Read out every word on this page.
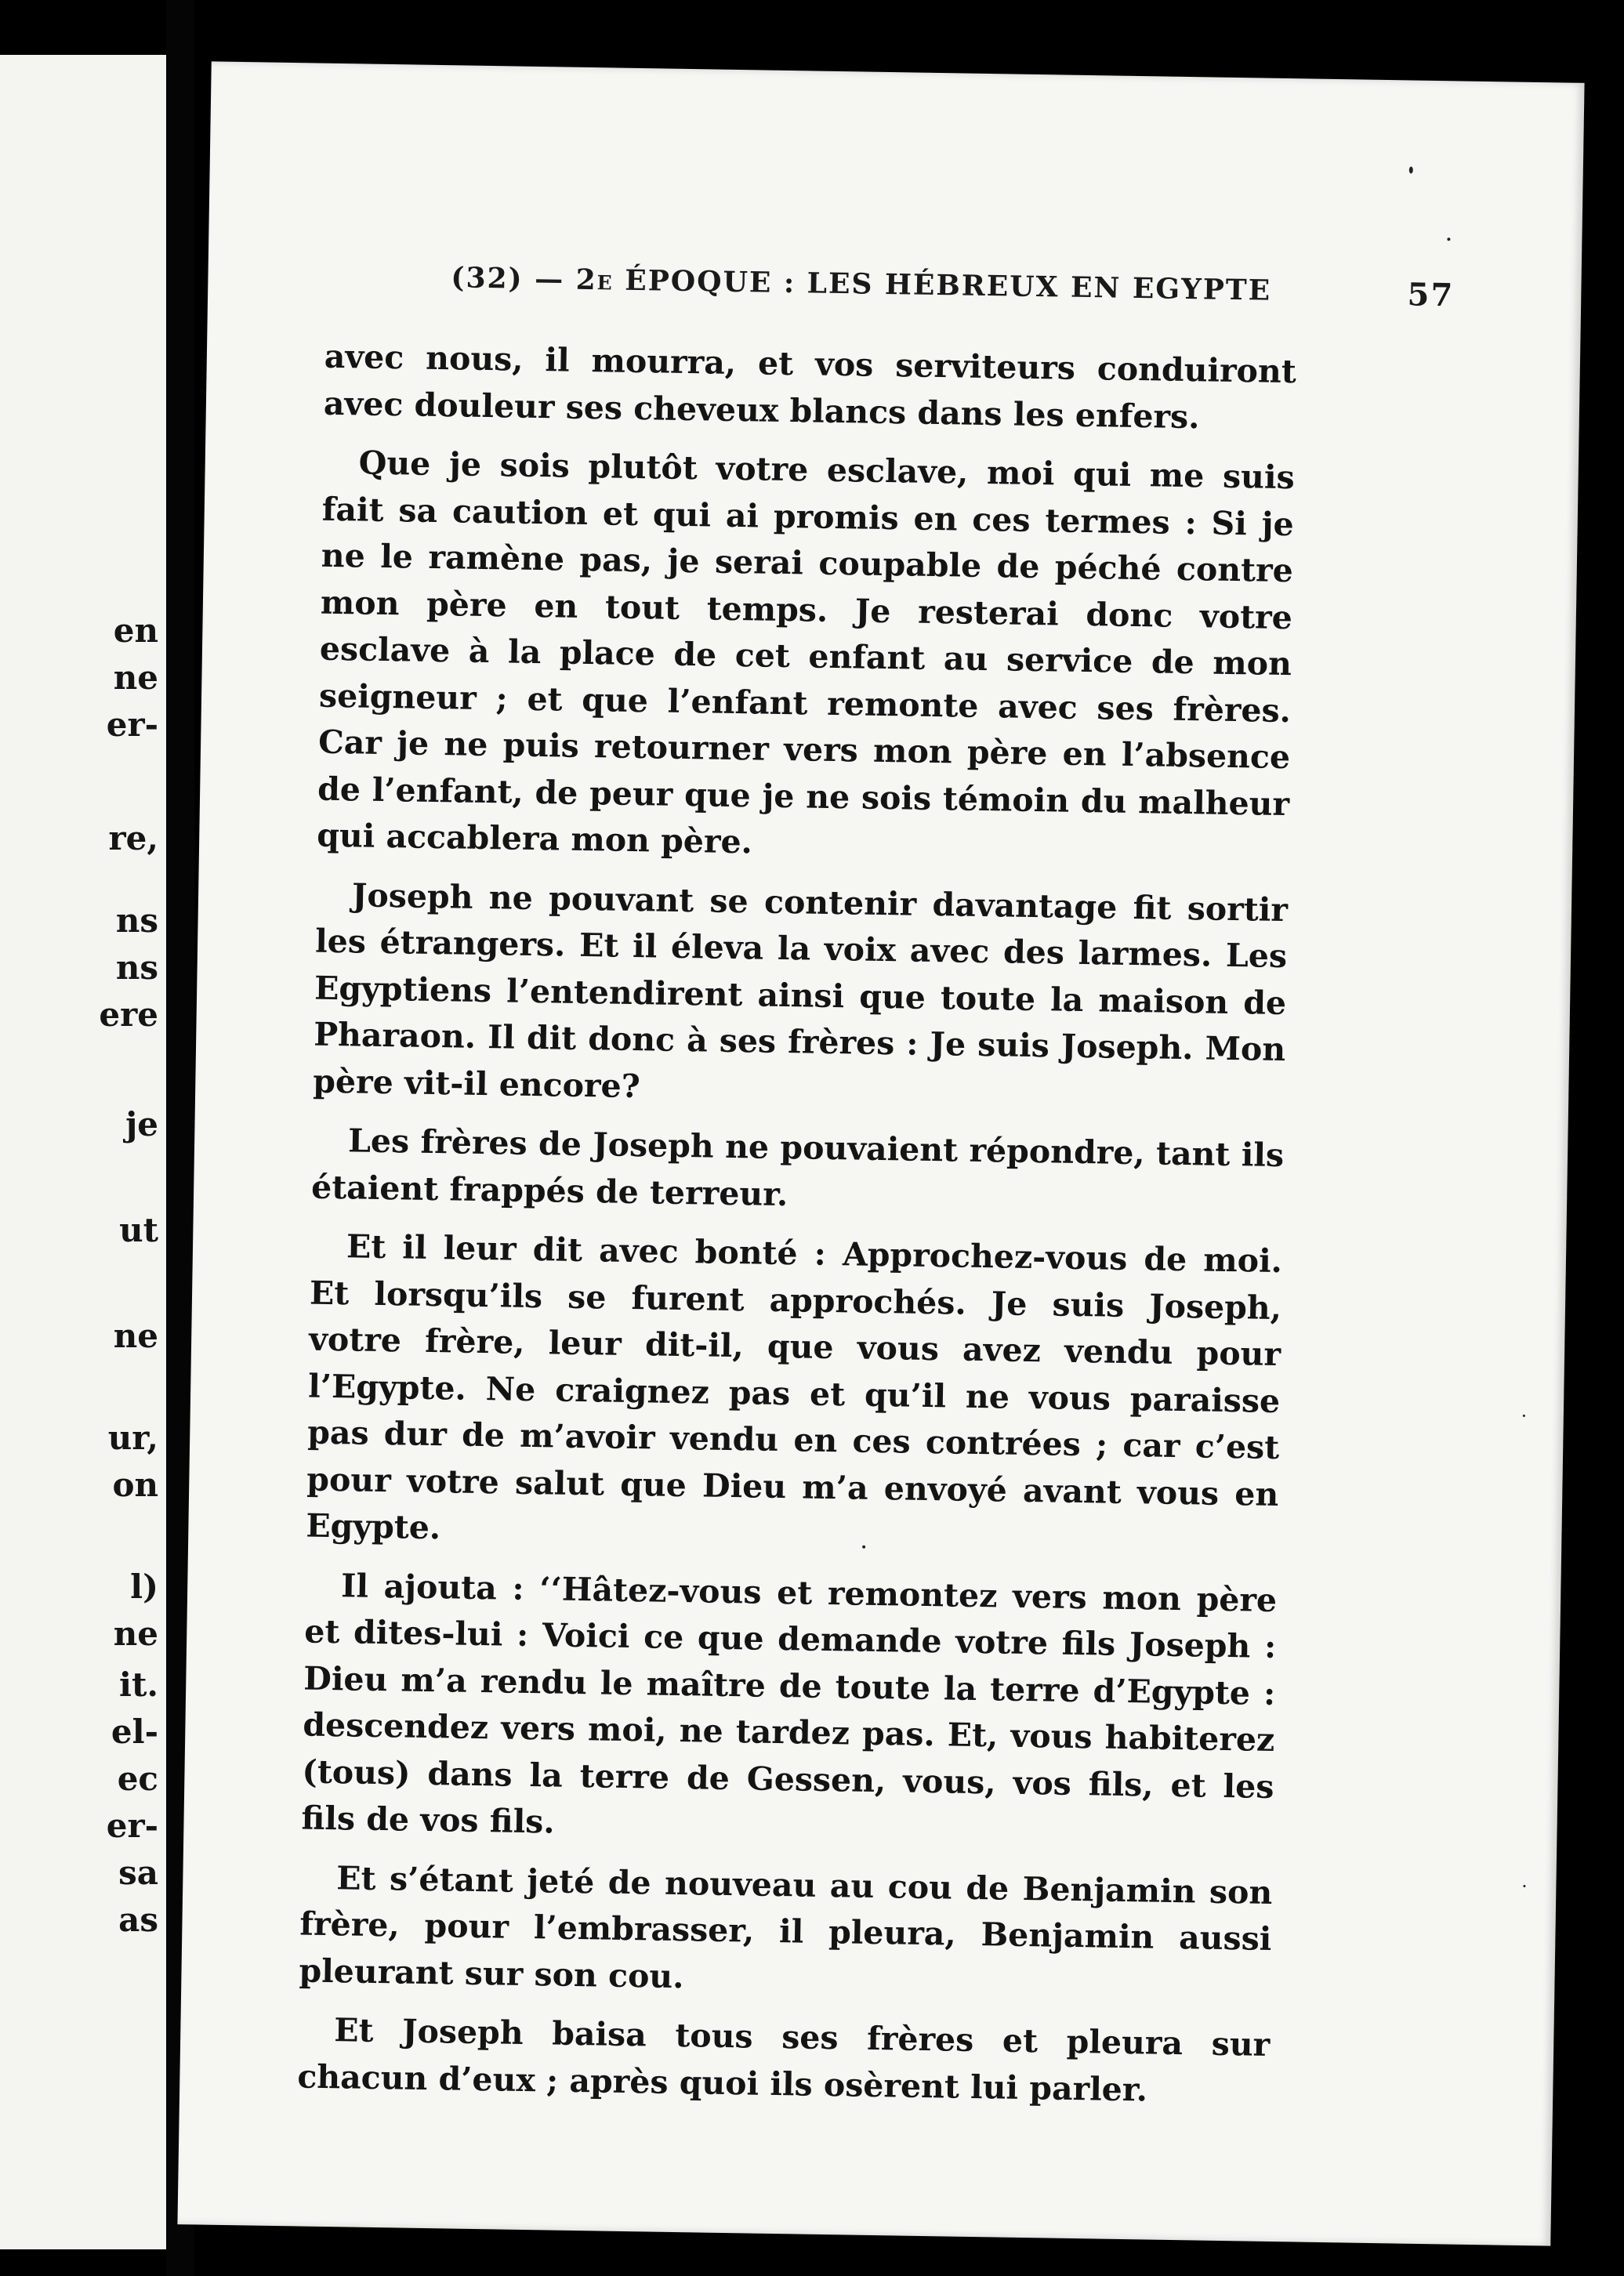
en
ne
er-
re,
ns
ns
ere
je
ut
ne
ur,
on
l)
ne
it.
el-
ec
er-
sa
as
(32) — 2e ÉPOQUE : LES HÉBREUX EN EGYPTE	57

avec nous, il mourra, et vos serviteurs conduiront avec douleur ses cheveux blancs dans les enfers.

Que je sois plutôt votre esclave, moi qui me suis fait sa caution et qui ai promis en ces termes : Si je ne le ramène pas, je serai coupable de péché contre mon père en tout temps. Je resterai donc votre esclave à la place de cet enfant au service de mon seigneur ; et que l’enfant remonte avec ses frères. Car je ne puis retourner vers mon père en l’absence de l’enfant, de peur que je ne sois témoin du malheur qui accablera mon père.

Joseph ne pouvant se contenir davantage fit sortir les étrangers. Et il éleva la voix avec des larmes. Les Egyptiens l’entendirent ainsi que toute la maison de Pharaon. Il dit donc à ses frères : Je suis Joseph. Mon père vit-il encore?

Les frères de Joseph ne pouvaient répondre, tant ils étaient frappés de terreur.

Et il leur dit avec bonté : Approchez-vous de moi. Et lorsqu’ils se furent approchés. Je suis Joseph, votre frère, leur dit-il, que vous avez vendu pour l’Egypte. Ne craignez pas et qu’il ne vous paraisse pas dur de m’avoir vendu en ces contrées ; car c’est pour votre salut que Dieu m’a envoyé avant vous en Egypte.

Il ajouta : ‘‘Hâtez-vous et remontez vers mon père et dites-lui : Voici ce que demande votre fils Joseph : Dieu m’a rendu le maître de toute la terre d’Egypte : descendez vers moi, ne tardez pas. Et, vous habiterez (tous) dans la terre de Gessen, vous, vos fils, et les fils de vos fils.

Et s’étant jeté de nouveau au cou de Benjamin son frère, pour l’embrasser, il pleura, Benjamin aussi pleurant sur son cou.

Et Joseph baisa tous ses frères et pleura sur chacun d’eux ; après quoi ils osèrent lui parler.
